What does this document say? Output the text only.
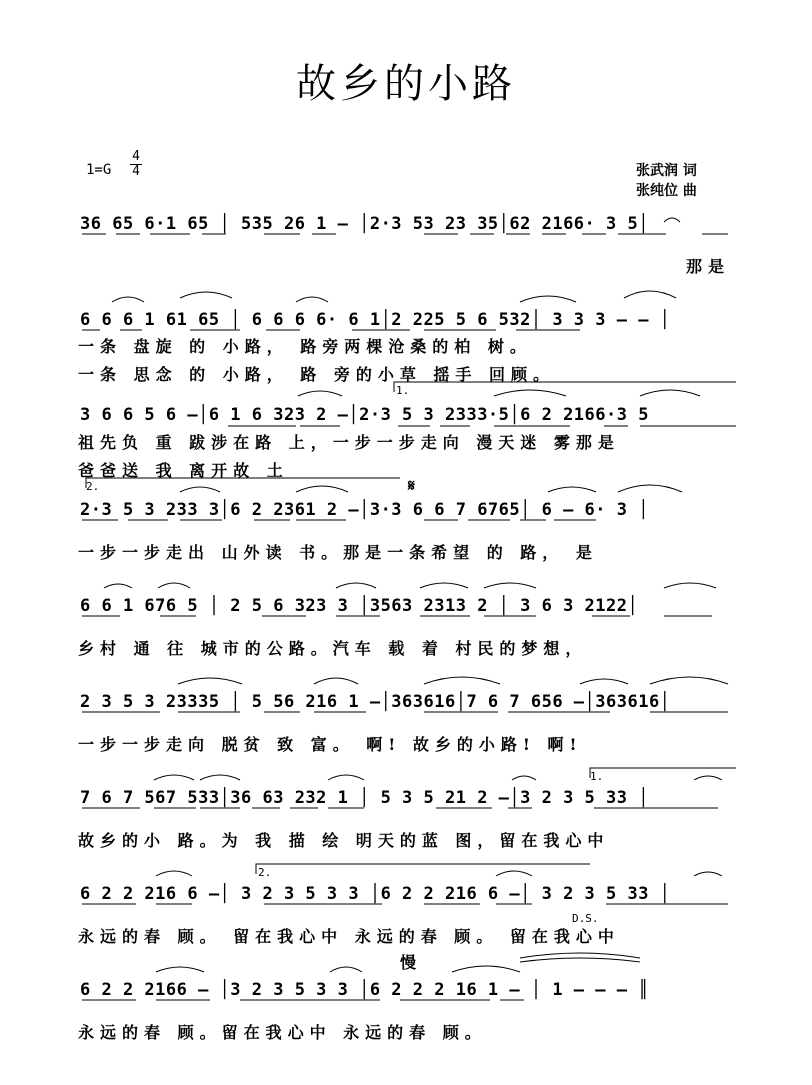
故乡的小路
1=G
4
4	张武润 词
张纯位 曲
36 65 6·1 65 │ 535 26 1 – │2·3 53 23 35│62 2166· 3 5│
那是
6 6 6 1 61 65 │ 6 6 6 6· 6 1│2 225 5 6 532│ 3 3 3 – – │
一条 盘旋 的 小路， 路旁两棵沧桑的柏 树。
一条 思念 的 小路， 路 旁的小草 揺手 回顾。
1.
3 6 6 5 6 –│6 1 6 323 2 –│2·3 5 3 2333·5│6 2 2166·3 5
祖先负 重 跋涉在路 上，一步一步走向 漫天迷 雾那是
爸爸送 我 离开故 土
2.	𝄋
2·3 5 3 233 3│6 2 2361 2 –│3·3 6 6 7 6765│ 6 – 6· 3 │
一步一步走出 山外读 书。那是一条希望 的 路， 是
6 6 1 676 5 │ 2 5 6 323 3 │3563 2313 2 │ 3 6 3 2122│
乡村 通 往 城市的公路。汽车 载 着 村民的梦想，
2 3 5 3 23335 │ 5 56 216 1 –│363616│7 6 7 656 –│363616│
一步一步走向 脱贫 致 富。 啊! 故乡的小路! 啊!
1.
7 6 7 567 533│36 63 232 1 │ 5 3 5 21 2 –│3 2 3 5 33 │
故乡的小 路。为 我 描 绘 明天的蓝 图，留在我心中
2.
6 2 2 216 6 –│ 3 2 3 5 3 3 │6 2 2 216 6 –│ 3 2 3 5 33 │
D.S.
永远的春 顾。 留在我心中 永远的春 顾。 留在我心中
慢
6 2 2 2166 – │3 2 3 5 3 3 │6 2 2 2 16 1 – │ 1 – – – ║
永远的春 顾。留在我心中 永远的春 顾。
